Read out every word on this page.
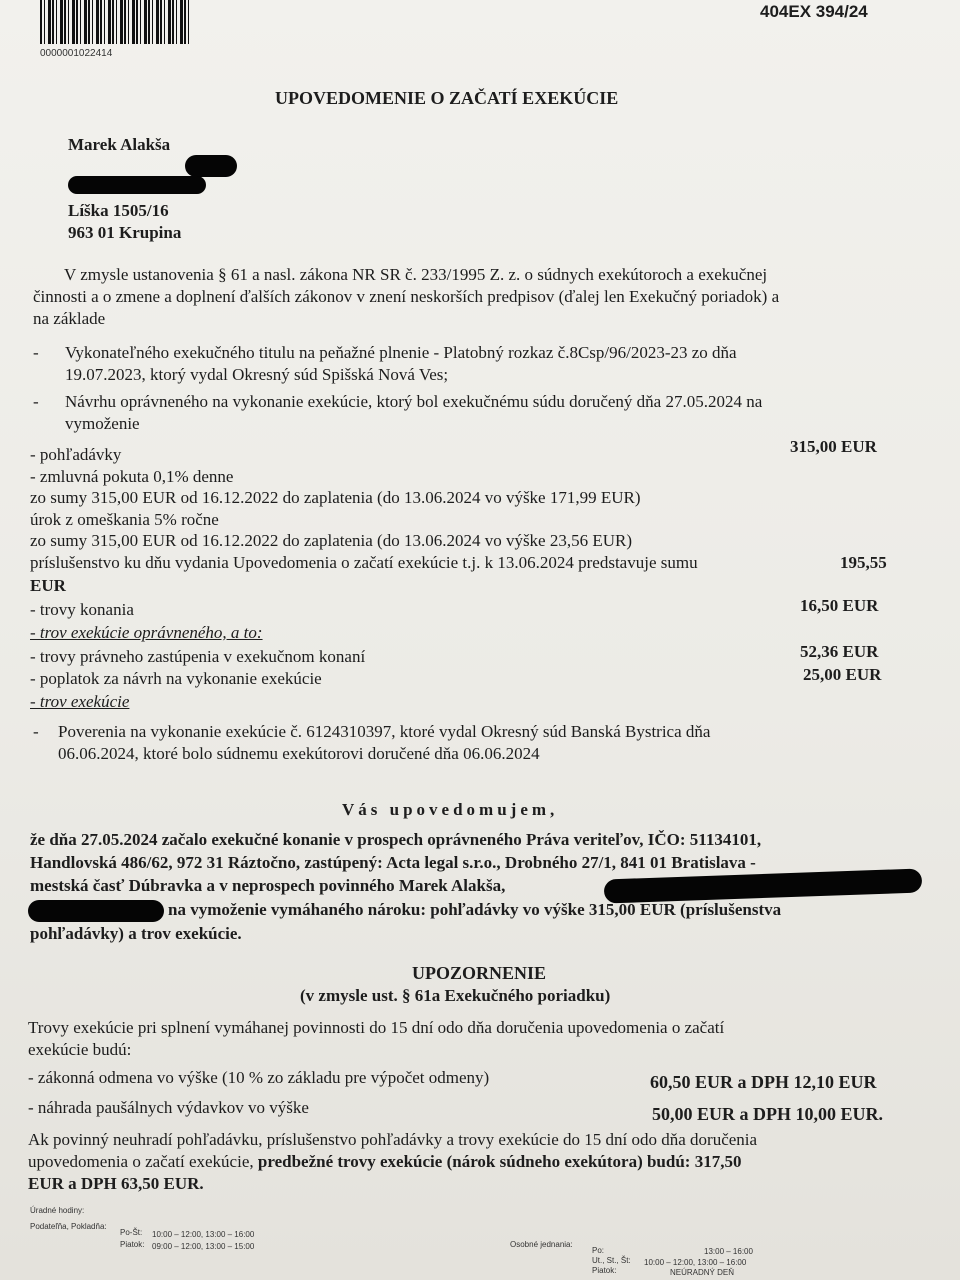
0000001022414
404EX 394/24
UPOVEDOMENIE O ZAČATÍ EXEKÚCIE
Marek Alakša
Líška 1505/16
963 01 Krupina
V zmysle ustanovenia § 61 a nasl. zákona NR SR č. 233/1995 Z. z. o súdnych exekútoroch a exekučnej
činnosti a o zmene a doplnení ďalších zákonov v znení neskorších predpisov (ďalej len Exekučný poriadok) a
na základe
- Vykonateľného exekučného titulu na peňažné plnenie - Platobný rozkaz č.8Csp/96/2023-23 zo dňa
19.07.2023, ktorý vydal Okresný súd Spišská Nová Ves;
- Návrhu oprávneného na vykonanie exekúcie, ktorý bol exekučnému súdu doručený dňa 27.05.2024 na
vymoženie
- pohľadávky	315,00 EUR
- zmluvná pokuta 0,1% denne
zo sumy 315,00 EUR od 16.12.2022 do zaplatenia (do 13.06.2024 vo výške 171,99 EUR)
úrok z omeškania 5% ročne
zo sumy 315,00 EUR od 16.12.2022 do zaplatenia (do 13.06.2024 vo výške 23,56 EUR)
príslušenstvo ku dňu vydania Upovedomenia o začatí exekúcie t.j. k 13.06.2024 predstavuje sumu	195,55
EUR
- trovy konania	16,50 EUR
- trov exekúcie oprávneného, a to:
- trovy právneho zastúpenia v exekučnom konaní	52,36 EUR
- poplatok za návrh na vykonanie exekúcie	25,00 EUR
- trov exekúcie
- Poverenia na vykonanie exekúcie č. 6124310397, ktoré vydal Okresný súd Banská Bystrica dňa
06.06.2024, ktoré bolo súdnemu exekútorovi doručené dňa 06.06.2024
Vás upovedomujem,
že dňa 27.05.2024 začalo exekučné konanie v prospech oprávneného Práva veriteľov, IČO: 51134101,
Handlovská 486/62, 972 31 Ráztočno, zastúpený: Acta legal s.r.o., Drobného 27/1, 841 01 Bratislava -
mestská časť Dúbravka a v neprospech povinného Marek Alakša,
na vymoženie vymáhaného nároku: pohľadávky vo výške 315,00 EUR (príslušenstva
pohľadávky) a trov exekúcie.
UPOZORNENIE
(v zmysle ust. § 61a Exekučného poriadku)
Trovy exekúcie pri splnení vymáhanej povinnosti do 15 dní odo dňa doručenia upovedomenia o začatí
exekúcie budú:
- zákonná odmena vo výške (10 % zo základu pre výpočet odmeny)	60,50 EUR a DPH 12,10 EUR
- náhrada paušálnych výdavkov vo výške	50,00 EUR a DPH 10,00 EUR.
Ak povinný neuhradí pohľadávku, príslušenstvo pohľadávky a trovy exekúcie do 15 dní odo dňa doručenia
upovedomenia o začatí exekúcie, predbežné trovy exekúcie (nárok súdneho exekútora) budú: 317,50
EUR a DPH 63,50 EUR.
Úradné hodiny:
Podateľňa, Pokladňa:
Po-Št: 10:00 – 12:00, 13:00 – 16:00
Piatok: 09:00 – 12:00, 13:00 – 15:00	Osobné jednania:
Po:	13:00 – 16:00
Ut., St., Št: 10:00 – 12:00, 13:00 – 16:00
Piatok:	NEÚRADNÝ DEŇ
